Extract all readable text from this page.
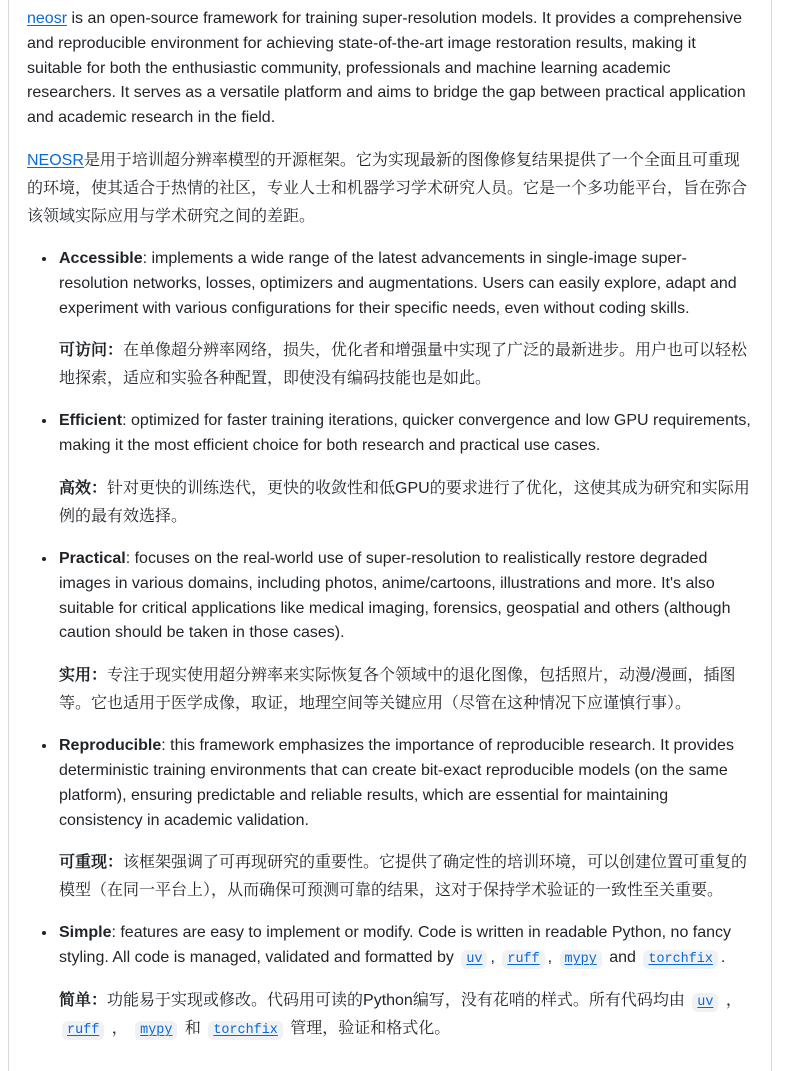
neosr is an open-source framework for training super-resolution models. It provides a comprehensive and reproducible environment for achieving state-of-the-art image restoration results, making it suitable for both the enthusiastic community, professionals and machine learning academic researchers. It serves as a versatile platform and aims to bridge the gap between practical application and academic research in the field.

NEOSR是用于培训超分辨率模型的开源框架。它为实现最新的图像修复结果提供了一个全面且可重现的环境，使其适合于热情的社区，专业人士和机器学习学术研究人员。它是一个多功能平台，旨在弥合该领域实际应用与学术研究之间的差距。

• Accessible: implements a wide range of the latest advancements in single-image super-resolution networks, losses, optimizers and augmentations. Users can easily explore, adapt and experiment with various configurations for their specific needs, even without coding skills.

可访问：在单像超分辨率网络，损失，优化者和增强量中实现了广泛的最新进步。用户也可以轻松地探索，适应和实验各种配置，即使没有编码技能也是如此。

• Efficient: optimized for faster training iterations, quicker convergence and low GPU requirements, making it the most efficient choice for both research and practical use cases.

高效：针对更快的训练迭代，更快的收敛性和低GPU的要求进行了优化，这使其成为研究和实际用例的最有效选择。

• Practical: focuses on the real-world use of super-resolution to realistically restore degraded images in various domains, including photos, anime/cartoons, illustrations and more. It's also suitable for critical applications like medical imaging, forensics, geospatial and others (although caution should be taken in those cases).

实用：专注于现实使用超分辨率来实际恢复各个领域中的退化图像，包括照片，动漫/漫画，插图等。它也适用于医学成像，取证，地理空间等关键应用（尽管在这种情况下应谨慎行事）。

• Reproducible: this framework emphasizes the importance of reproducible research. It provides deterministic training environments that can create bit-exact reproducible models (on the same platform), ensuring predictable and reliable results, which are essential for maintaining consistency in academic validation.

可重现：该框架强调了可再现研究的重要性。它提供了确定性的培训环境，可以创建位置可重复的模型（在同一平台上），从而确保可预测可靠的结果，这对于保持学术验证的一致性至关重要。

• Simple: features are easy to implement or modify. Code is written in readable Python, no fancy styling. All code is managed, validated and formatted by uv , ruff , mypy and torchfix .

简单：功能易于实现或修改。代码用可读的Python编写，没有花哨的样式。所有代码均由 uv ， ruff ， mypy 和 torchfix 管理，验证和格式化。
